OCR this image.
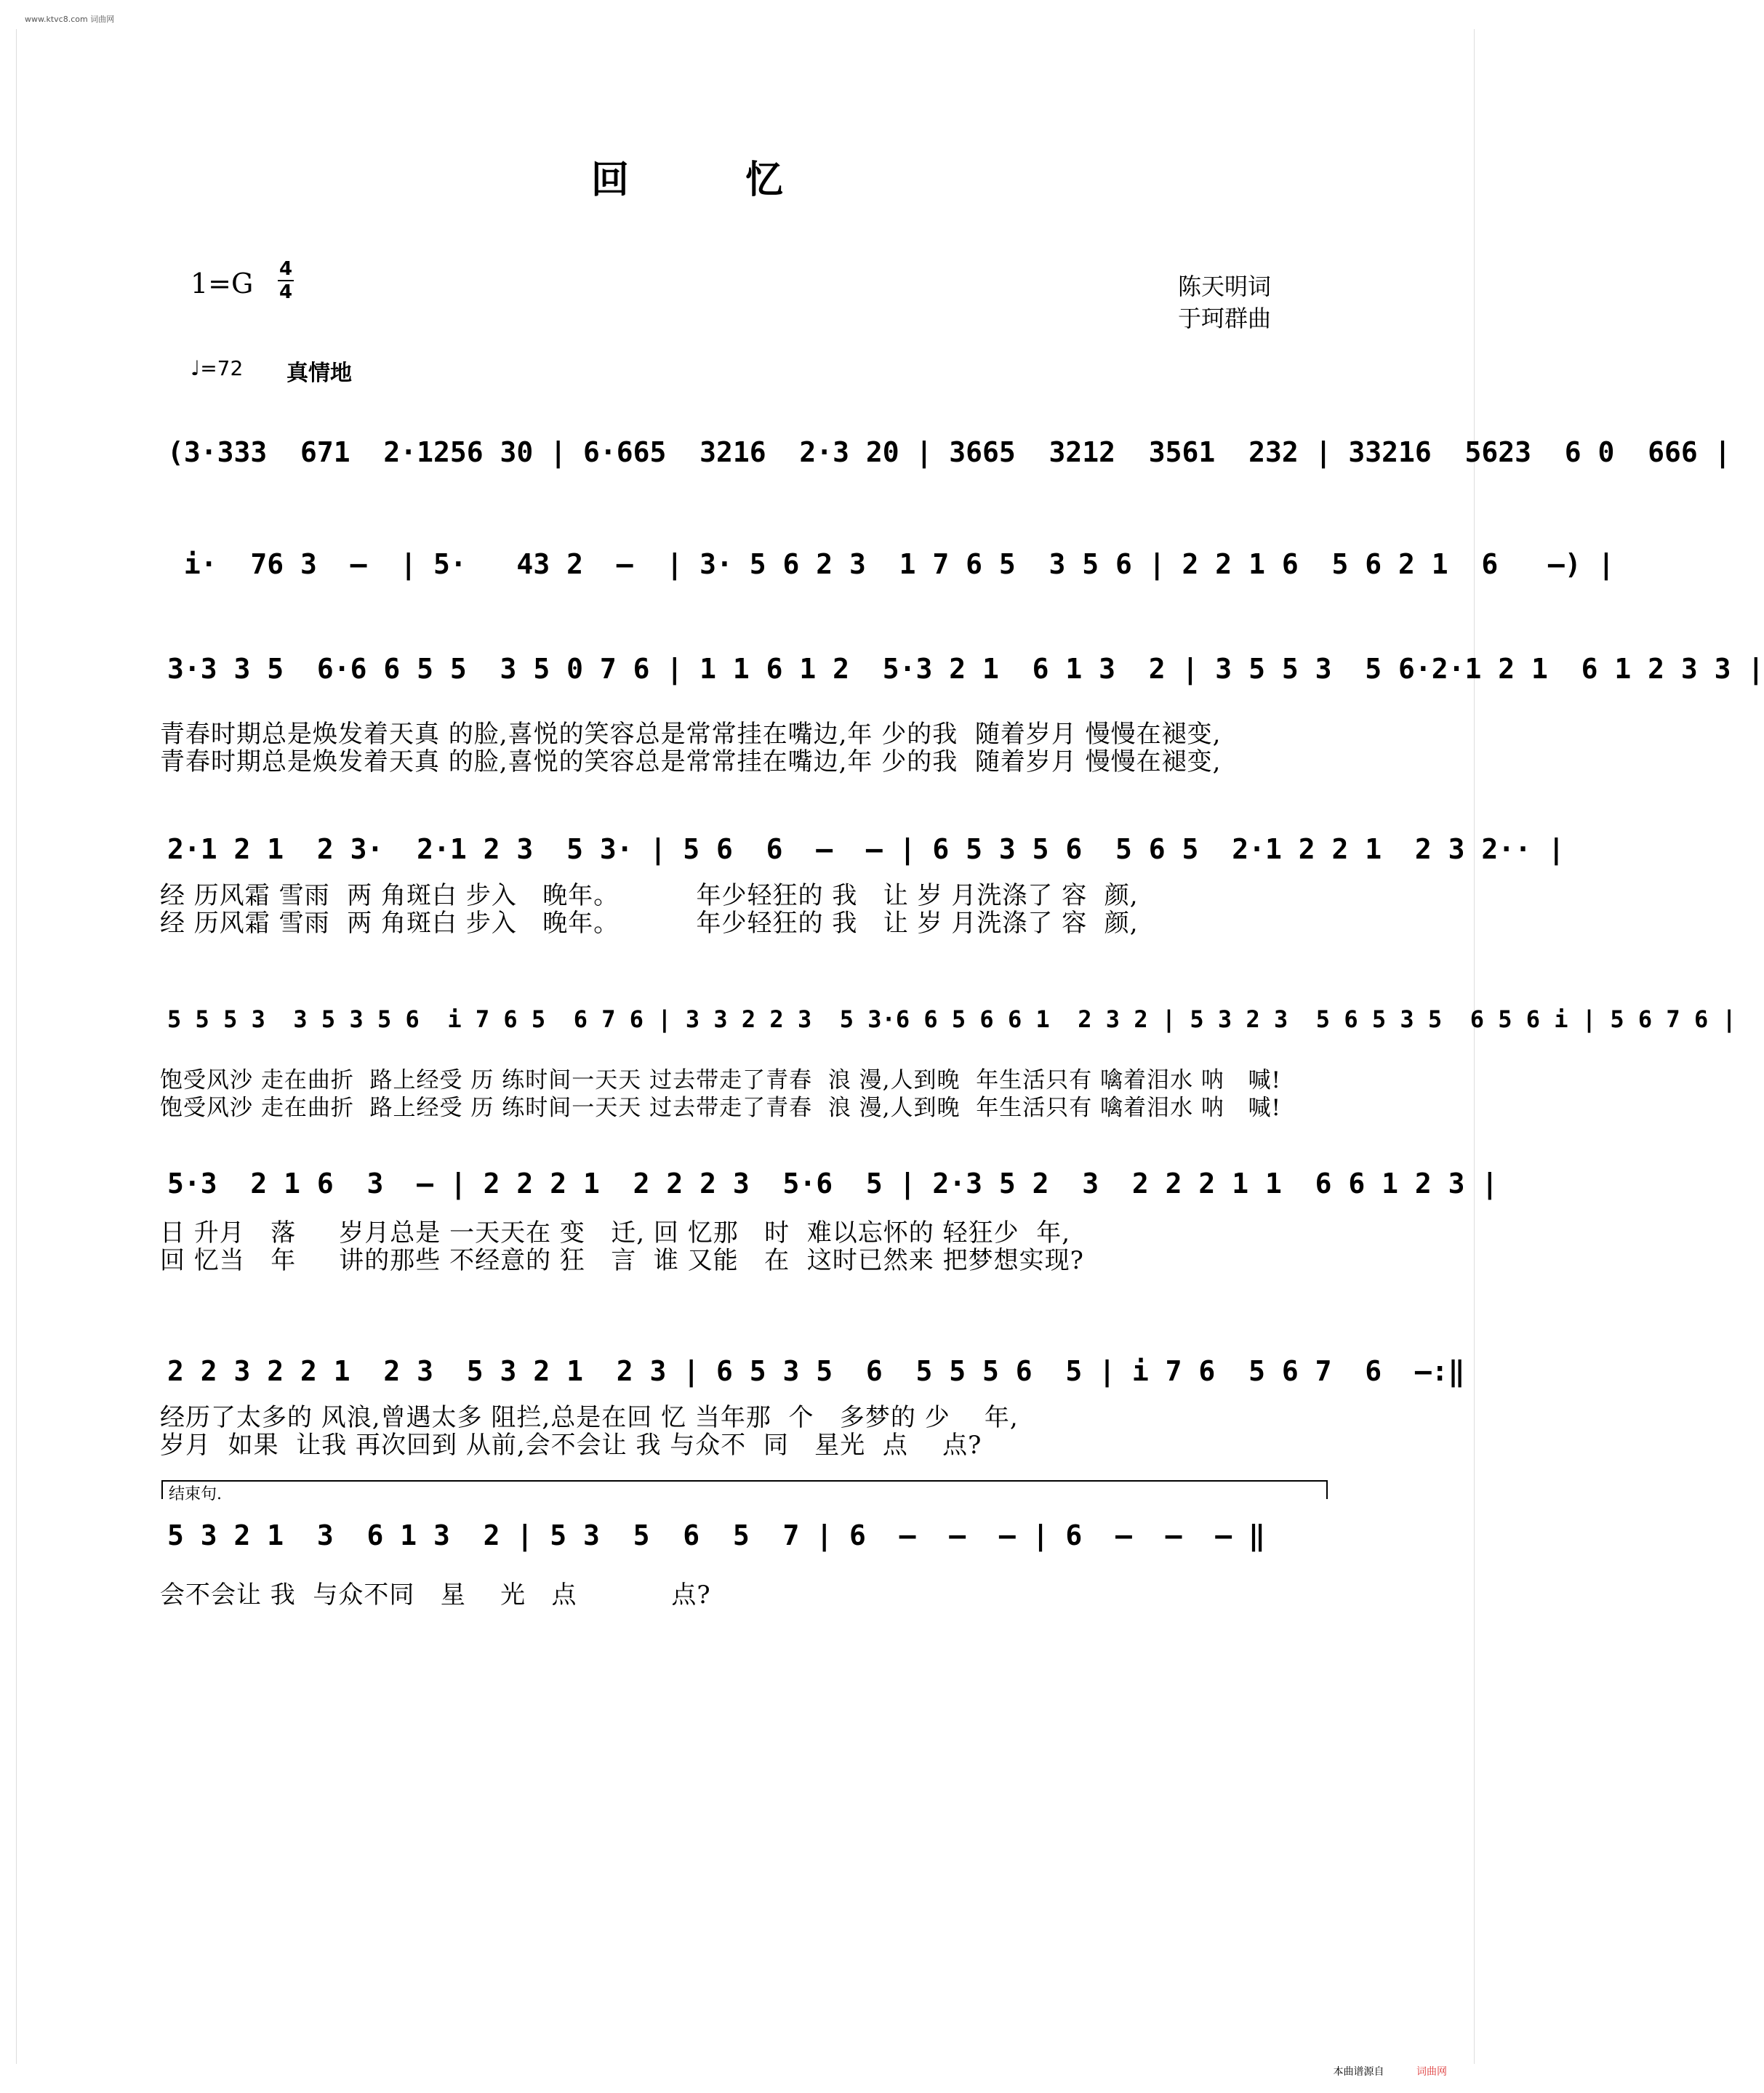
www.ktvc8.com 词曲网
回忆
1=G 4
4	陈天明词
于珂群曲
♩=72 真情地
(3·333  671  2·1256 30 | 6·665  3216  2·3 20 | 3665  3212  3561  232 | 33216  5623  6 0  666 |
i·  76 3  –  | 5·   43 2  –  | 3· 5 6 2 3  1 7 6 5  3 5 6 | 2 2 1 6  5 6 2 1  6   –) |
3·3 3 5  6·6 6 5 5  3 5 0 7 6 | 1 1 6 1 2  5·3 2 1  6 1 3  2 | 3 5 5 3  5 6·2·1 2 1  6 1 2 3 3 |
青春时期总是焕发着天真 的脸,喜悦的笑容总是常常挂在嘴边,年 少的我  随着岁月 慢慢在褪变,
青春时期总是焕发着天真 的脸,喜悦的笑容总是常常挂在嘴边,年 少的我  随着岁月 慢慢在褪变,
2·1 2 1  2 3·  2·1 2 3  5 3· | 5 6  6  –  – | 6 5 3 5 6  5 6 5  2·1 2 2 1  2 3 2·· |
经 历风霜 雪雨  两 角斑白 步入   晚年。         年少轻狂的 我   让 岁 月洗涤了 容  颜,
经 历风霜 雪雨  两 角斑白 步入   晚年。         年少轻狂的 我   让 岁 月洗涤了 容  颜,
5 5 5 3  3 5 3 5 6  i 7 6 5  6 7 6 | 3 3 2 2 3  5 3·6 6 5 6 6 1  2 3 2 | 5 3 2 3  5 6 5 3 5  6 5 6 i | 5 6 7 6 |
饱受风沙 走在曲折  路上经受 历 练时间一天天 过去带走了青春  浪 漫,人到晚  年生活只有 噙着泪水 呐   喊!
饱受风沙 走在曲折  路上经受 历 练时间一天天 过去带走了青春  浪 漫,人到晚  年生活只有 噙着泪水 呐   喊!
5·3  2 1 6  3  – | 2 2 2 1  2 2 2 3  5·6  5 | 2·3 5 2  3  2 2 2 1 1  6 6 1 2 3 |
日 升月   落     岁月总是 一天天在 变   迁, 回 忆那   时  难以忘怀的 轻狂少  年,
回 忆当   年     讲的那些 不经意的 狂   言  谁 又能   在  这时已然来 把梦想实现?
2 2 3 2 2 1  2 3  5 3 2 1  2 3 | 6 5 3 5  6  5 5 5 6  5 | i 7 6  5 6 7  6  –:‖
经历了太多的 风浪,曾遇太多 阻拦,总是在回 忆 当年那  个   多梦的 少    年,
岁月  如果  让我 再次回到 从前,会不会让 我 与众不  同   星光  点    点?
结束句.
5 3 2 1  3  6 1 3  2 | 5 3  5  6  5  7 | 6  –  –  – | 6  –  –  – ‖
会不会让 我  与众不同   星    光   点           点?
本曲谱源自	词曲网
